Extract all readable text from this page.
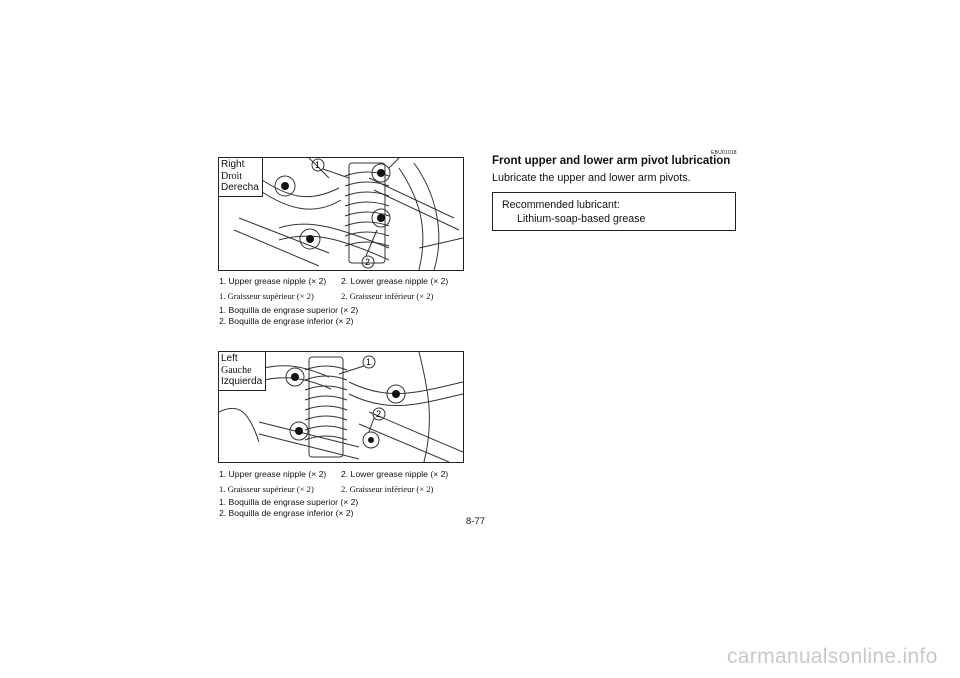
1
2
Right
Droit
Derecha
1. Upper grease nipple (× 2) 2. Lower grease nipple (× 2)
1. Graisseur supérieur (× 2)	2. Graisseur inférieur (× 2)
1. Boquilla de engrase superior (× 2)
2. Boquilla de engrase inferior (× 2)
1
2
Left
Gauche
Izquierda
1. Upper grease nipple (× 2) 2. Lower grease nipple (× 2)
1. Graisseur supérieur (× 2)	2. Graisseur inférieur (× 2)
1. Boquilla de engrase superior (× 2)
2. Boquilla de engrase inferior (× 2)
EBU01018
Front upper and lower arm pivot lubrication
Lubricate the upper and lower arm pivots.
Recommended lubricant:
Lithium-soap-based grease
8-77
carmanualsonline.info
